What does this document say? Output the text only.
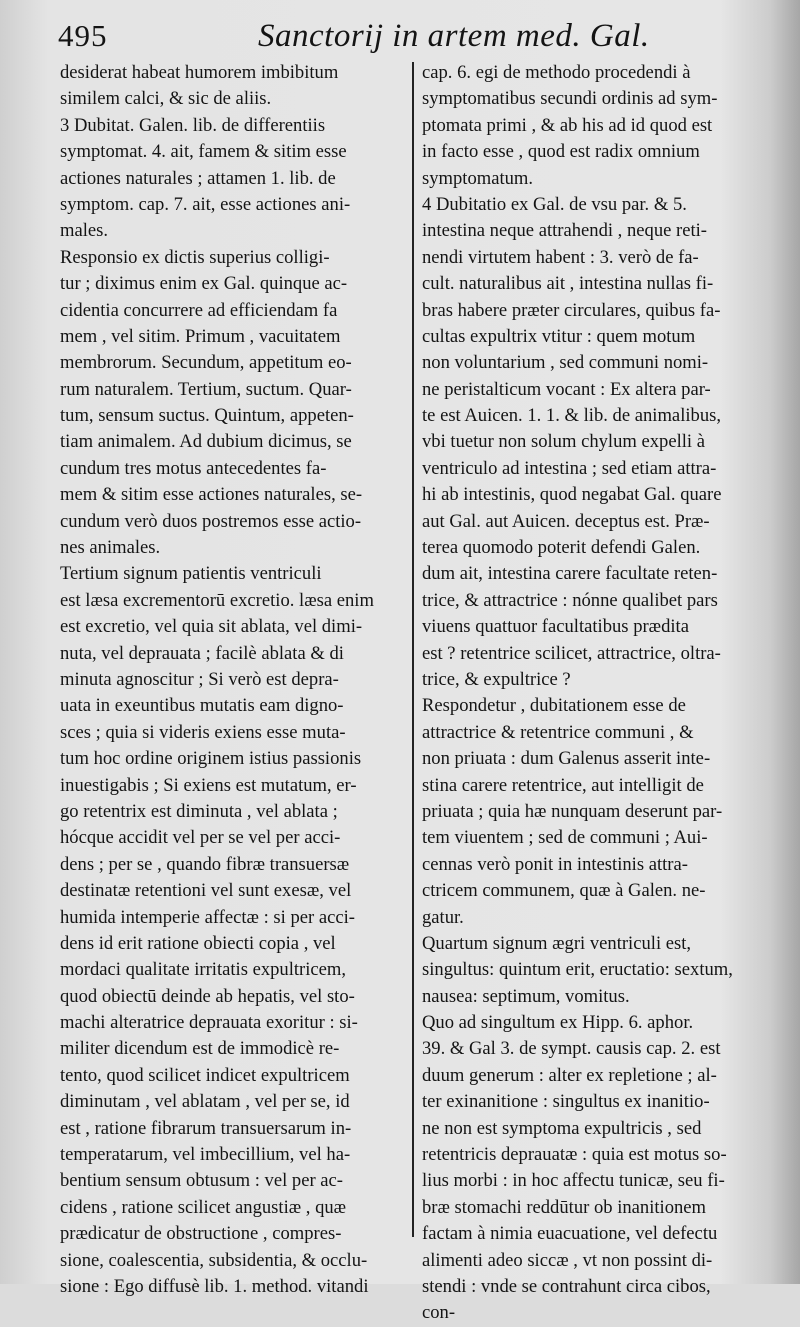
495	Sanctorij in artem med. Gal.
desiderat habeat humorem imbibitum
similem calci, & sic de aliis.
3 Dubitat. Galen. lib. de differentiis
symptomat. 4. ait, famem & sitim esse
actiones naturales ; attamen 1. lib. de
symptom. cap. 7. ait, esse actiones ani-
males.
Responsio ex dictis superius colligi-
tur ; diximus enim ex Gal. quinque ac-
cidentia concurrere ad efficiendam fa
mem , vel sitim. Primum , vacuitatem
membrorum. Secundum, appetitum eo-
rum naturalem. Tertium, suctum. Quar-
tum, sensum suctus. Quintum, appeten-
tiam animalem. Ad dubium dicimus, se
cundum tres motus antecedentes fa-
mem & sitim esse actiones naturales, se-
cundum verò duos postremos esse actio-
nes animales.
Tertium signum patientis ventriculi
est læsa excrementorū excretio. læsa enim
est excretio, vel quia sit ablata, vel dimi-
nuta, vel deprauata ; facilè ablata & di
minuta agnoscitur ; Si verò est depra-
uata in exeuntibus mutatis eam digno-
sces ; quia si videris exiens esse muta-
tum hoc ordine originem istius passionis
inuestigabis ; Si exiens est mutatum, er-
go retentrix est diminuta , vel ablata ;
hócque accidit vel per se vel per acci-
dens ; per se , quando fibræ transuersæ
destinatæ retentioni vel sunt exesæ, vel
humida intemperie affectæ : si per acci-
dens id erit ratione obiecti copia , vel
mordaci qualitate irritatis expultricem,
quod obiectū deinde ab hepatis, vel sto-
machi alteratrice deprauata exoritur : si-
militer dicendum est de immodicè re-
tento, quod scilicet indicet expultricem
diminutam , vel ablatam , vel per se, id
est , ratione fibrarum transuersarum in-
temperatarum, vel imbecillium, vel ha-
bentium sensum obtusum : vel per ac-
cidens , ratione scilicet angustiæ , quæ
prædicatur de obstructione , compres-
sione, coalescentia, subsidentia, & occlu-
sione : Ego diffusè lib. 1. method. vitandi
cap. 6. egi de methodo procedendi à
symptomatibus secundi ordinis ad sym-
ptomata primi , & ab his ad id quod est
in facto esse , quod est radix omnium
symptomatum.
4 Dubitatio ex Gal. de vsu par. & 5.
intestina neque attrahendi , neque reti-
nendi virtutem habent : 3. verò de fa-
cult. naturalibus ait , intestina nullas fi-
bras habere præter circulares, quibus fa-
cultas expultrix vtitur : quem motum
non voluntarium , sed communi nomi-
ne peristalticum vocant : Ex altera par-
te est Auicen. 1. 1. & lib. de animalibus,
vbi tuetur non solum chylum expelli à
ventriculo ad intestina ; sed etiam attra-
hi ab intestinis, quod negabat Gal. quare
aut Gal. aut Auicen. deceptus est. Præ-
terea quomodo poterit defendi Galen.
dum ait, intestina carere facultate reten-
trice, & attractrice : nónne qualibet pars
viuens quattuor facultatibus prædita
est ? retentrice scilicet, attractrice, oltra-
trice, & expultrice ?
Respondetur , dubitationem esse de
attractrice & retentrice communi , &
non priuata : dum Galenus asserit inte-
stina carere retentrice, aut intelligit de
priuata ; quia hæ nunquam deserunt par-
tem viuentem ; sed de communi ; Aui-
cennas verò ponit in intestinis attra-
ctricem communem, quæ à Galen. ne-
gatur.
Quartum signum ægri ventriculi est,
singultus: quintum erit, eructatio: sextum,
nausea: septimum, vomitus.
Quo ad singultum ex Hipp. 6. aphor.
39. & Gal 3. de sympt. causis cap. 2. est
duum generum : alter ex repletione ; al-
ter exinanitione : singultus ex inanitio-
ne non est symptoma expultricis , sed
retentricis deprauatæ : quia est motus so-
lius morbi : in hoc affectu tunicæ, seu fi-
bræ stomachi reddūtur ob inanitionem
factam à nimia euacuatione, vel defectu
alimenti adeo siccæ , vt non possint di-
stendi : vnde se contrahunt circa cibos,
con-
